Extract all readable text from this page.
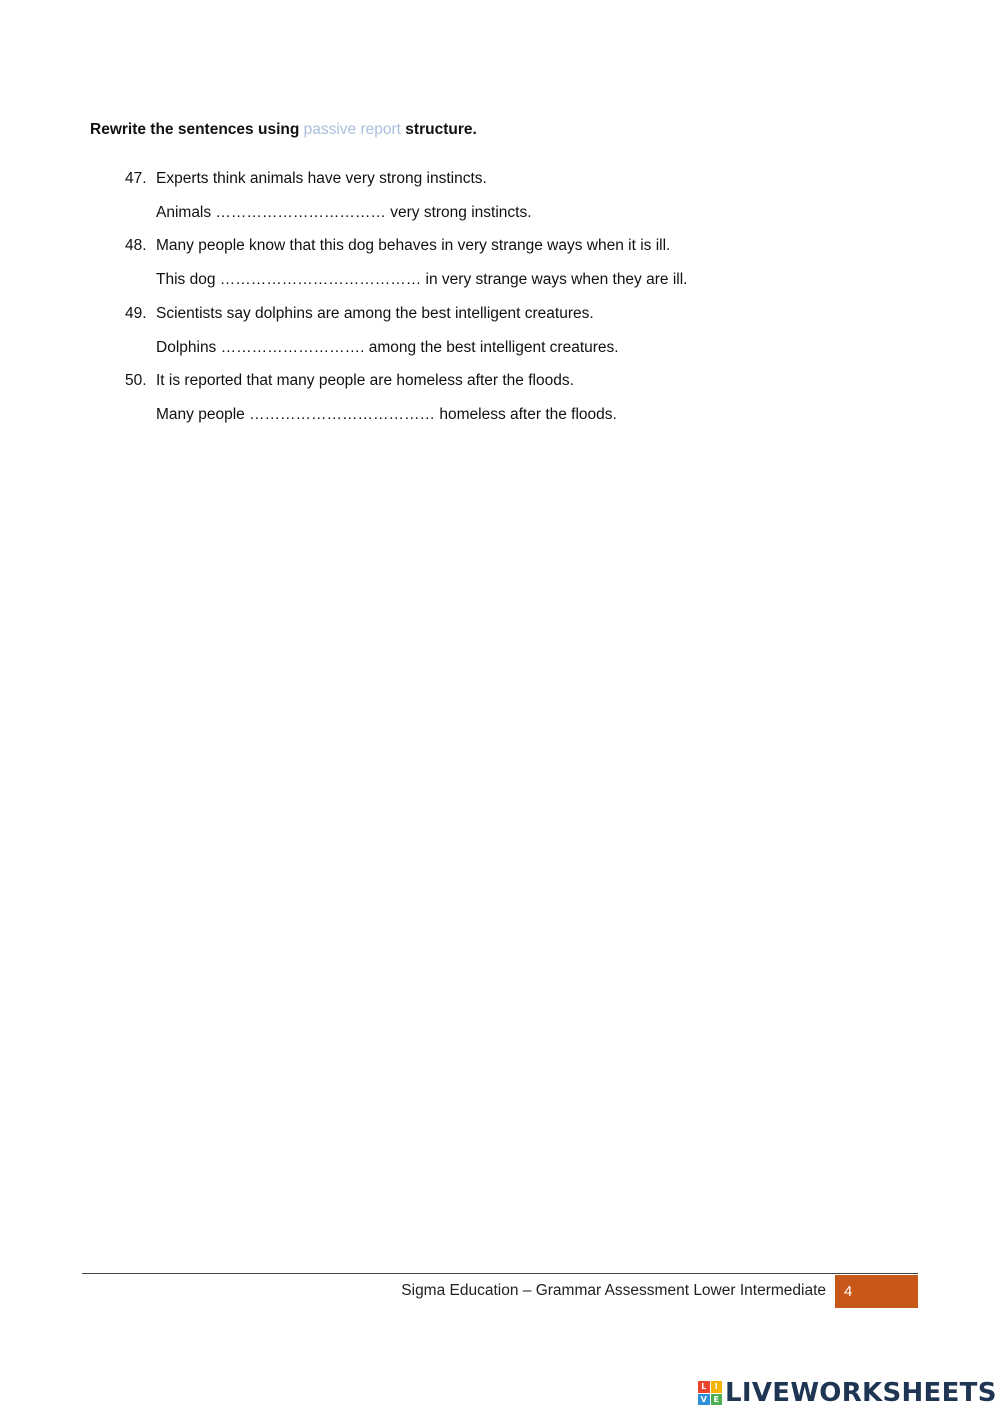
Rewrite the sentences using passive report structure.
47. Experts think animals have very strong instincts.
Animals …………………………… very strong instincts.
48. Many people know that this dog behaves in very strange ways when it is ill.
This dog ………………………………… in very strange ways when they are ill.
49. Scientists say dolphins are among the best intelligent creatures.
Dolphins ………………………. among the best intelligent creatures.
50. It is reported that many people are homeless after the floods.
Many people ……………………………… homeless after the floods.
Sigma Education – Grammar Assessment Lower Intermediate	4
L	I
V E LIVEWORKSHEETS
